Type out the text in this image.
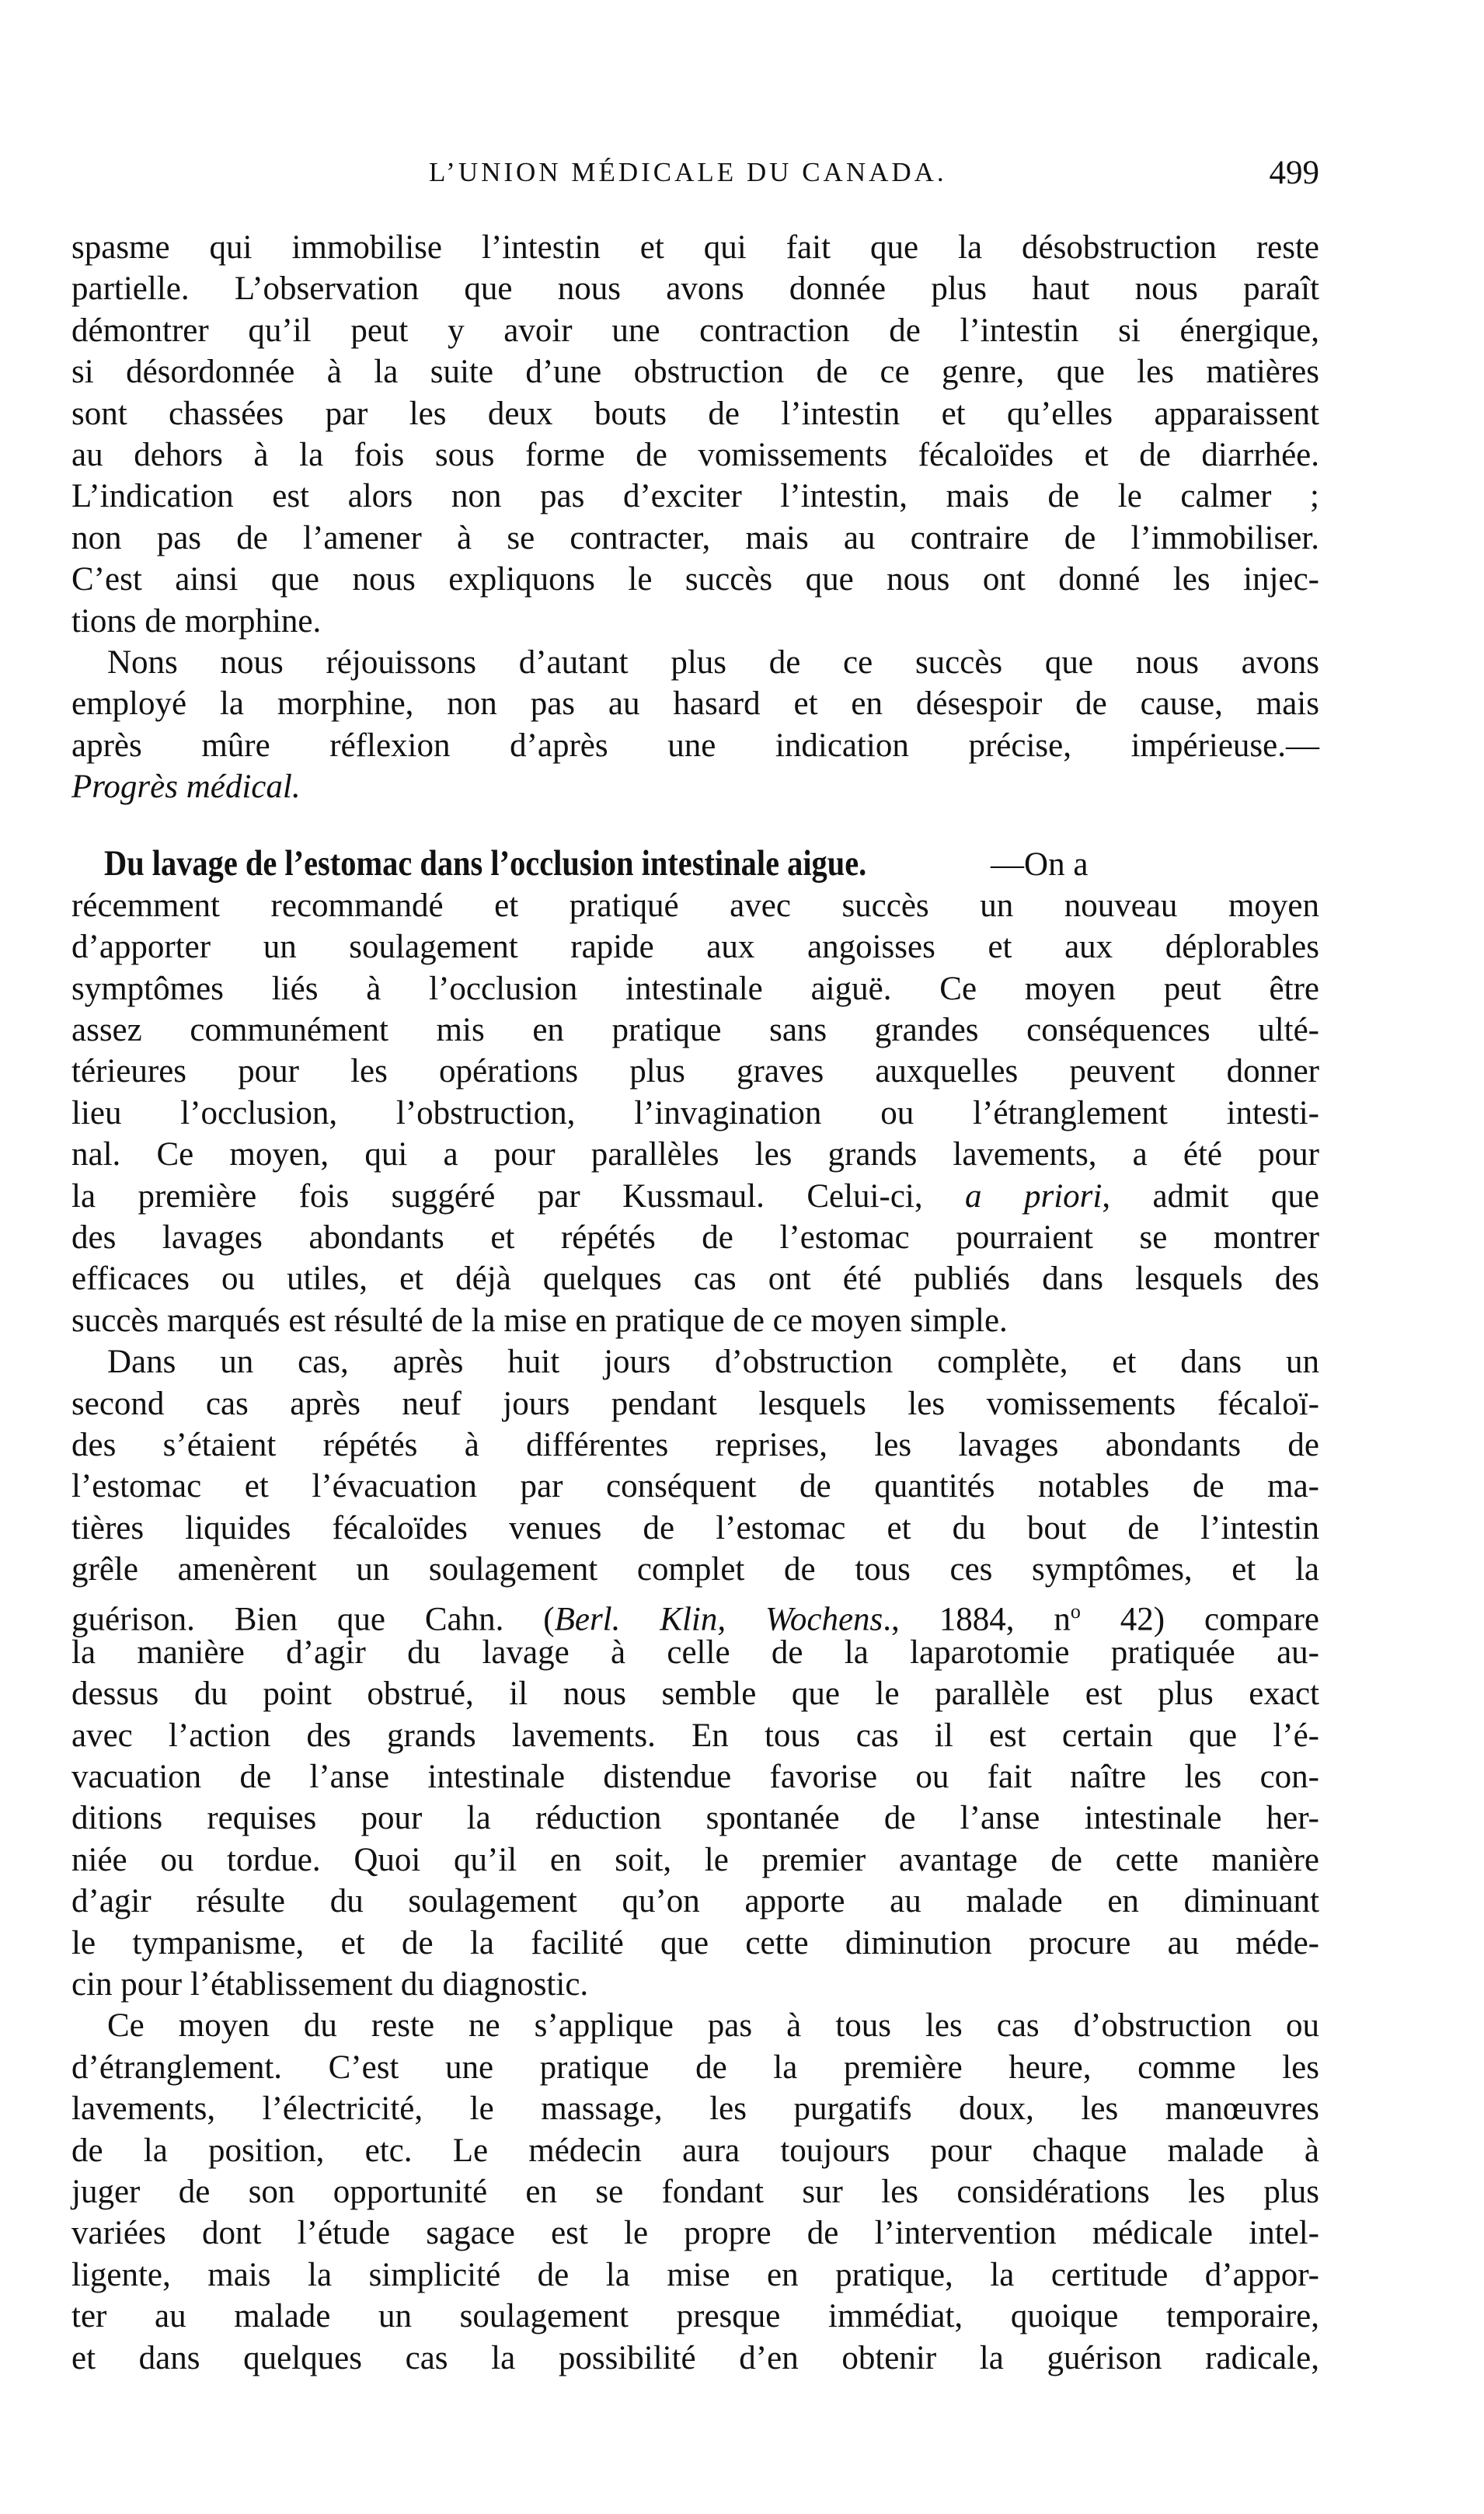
L’UNION MÉDICALE DU CANADA.	499
spasme qui immobilise l’intestin et qui fait que la désobstruction reste
partielle. L’observation que nous avons donnée plus haut nous paraît
démontrer qu’il peut y avoir une contraction de l’intestin si énergique,
si désordonnée à la suite d’une obstruction de ce genre, que les matières
sont chassées par les deux bouts de l’intestin et qu’elles apparaissent
au dehors à la fois sous forme de vomissements fécaloïdes et de diarrhée.
L’indication est alors non pas d’exciter l’intestin, mais de le calmer ;
non pas de l’amener à se contracter, mais au contraire de l’immobiliser.
C’est ainsi que nous expliquons le succès que nous ont donné les injec-
tions de morphine.
Nons nous réjouissons d’autant plus de ce succès que nous avons
employé la morphine, non pas au hasard et en désespoir de cause, mais
après mûre réflexion d’après une indication précise, impérieuse.—
Progrès médical.
Du lavage de l’estomac dans l’occlusion intestinale aigue.	—On a
récemment recommandé et pratiqué avec succès un nouveau moyen
d’apporter un soulagement rapide aux angoisses et aux déplorables
symptômes liés à l’occlusion intestinale aiguë. Ce moyen peut être
assez communément mis en pratique sans grandes conséquences ulté-
térieures pour les opérations plus graves auxquelles peuvent donner
lieu l’occlusion, l’obstruction, l’invagination ou l’étranglement intesti-
nal. Ce moyen, qui a pour parallèles les grands lavements, a été pour
la première fois suggéré par Kussmaul. Celui-ci, a priori, admit que
des lavages abondants et répétés de l’estomac pourraient se montrer
efficaces ou utiles, et déjà quelques cas ont été publiés dans lesquels des
succès marqués est résulté de la mise en pratique de ce moyen simple.
Dans un cas, après huit jours d’obstruction complète, et dans un
second cas après neuf jours pendant lesquels les vomissements fécaloï-
des s’étaient répétés à différentes reprises, les lavages abondants de
l’estomac et l’évacuation par conséquent de quantités notables de ma-
tières liquides fécaloïdes venues de l’estomac et du bout de l’intestin
grêle amenèrent un soulagement complet de tous ces symptômes, et la
guérison. Bien que Cahn. (Berl. Klin, Wochens., 1884, $n^o$ 42) compare
la manière d’agir du lavage à celle de la laparotomie pratiquée au-
dessus du point obstrué, il nous semble que le parallèle est plus exact
avec l’action des grands lavements. En tous cas il est certain que l’é-
vacuation de l’anse intestinale distendue favorise ou fait naître les con-
ditions requises pour la réduction spontanée de l’anse intestinale her-
niée ou tordue. Quoi qu’il en soit, le premier avantage de cette manière
d’agir résulte du soulagement qu’on apporte au malade en diminuant
le tympanisme, et de la facilité que cette diminution procure au méde-
cin pour l’établissement du diagnostic.
Ce moyen du reste ne s’applique pas à tous les cas d’obstruction ou
d’étranglement. C’est une pratique de la première heure, comme les
lavements, l’électricité, le massage, les purgatifs doux, les manœuvres
de la position, etc. Le médecin aura toujours pour chaque malade à
juger de son opportunité en se fondant sur les considérations les plus
variées dont l’étude sagace est le propre de l’intervention médicale intel-
ligente, mais la simplicité de la mise en pratique, la certitude d’appor-
ter au malade un soulagement presque immédiat, quoique temporaire,
et dans quelques cas la possibilité d’en obtenir la guérison radicale,
